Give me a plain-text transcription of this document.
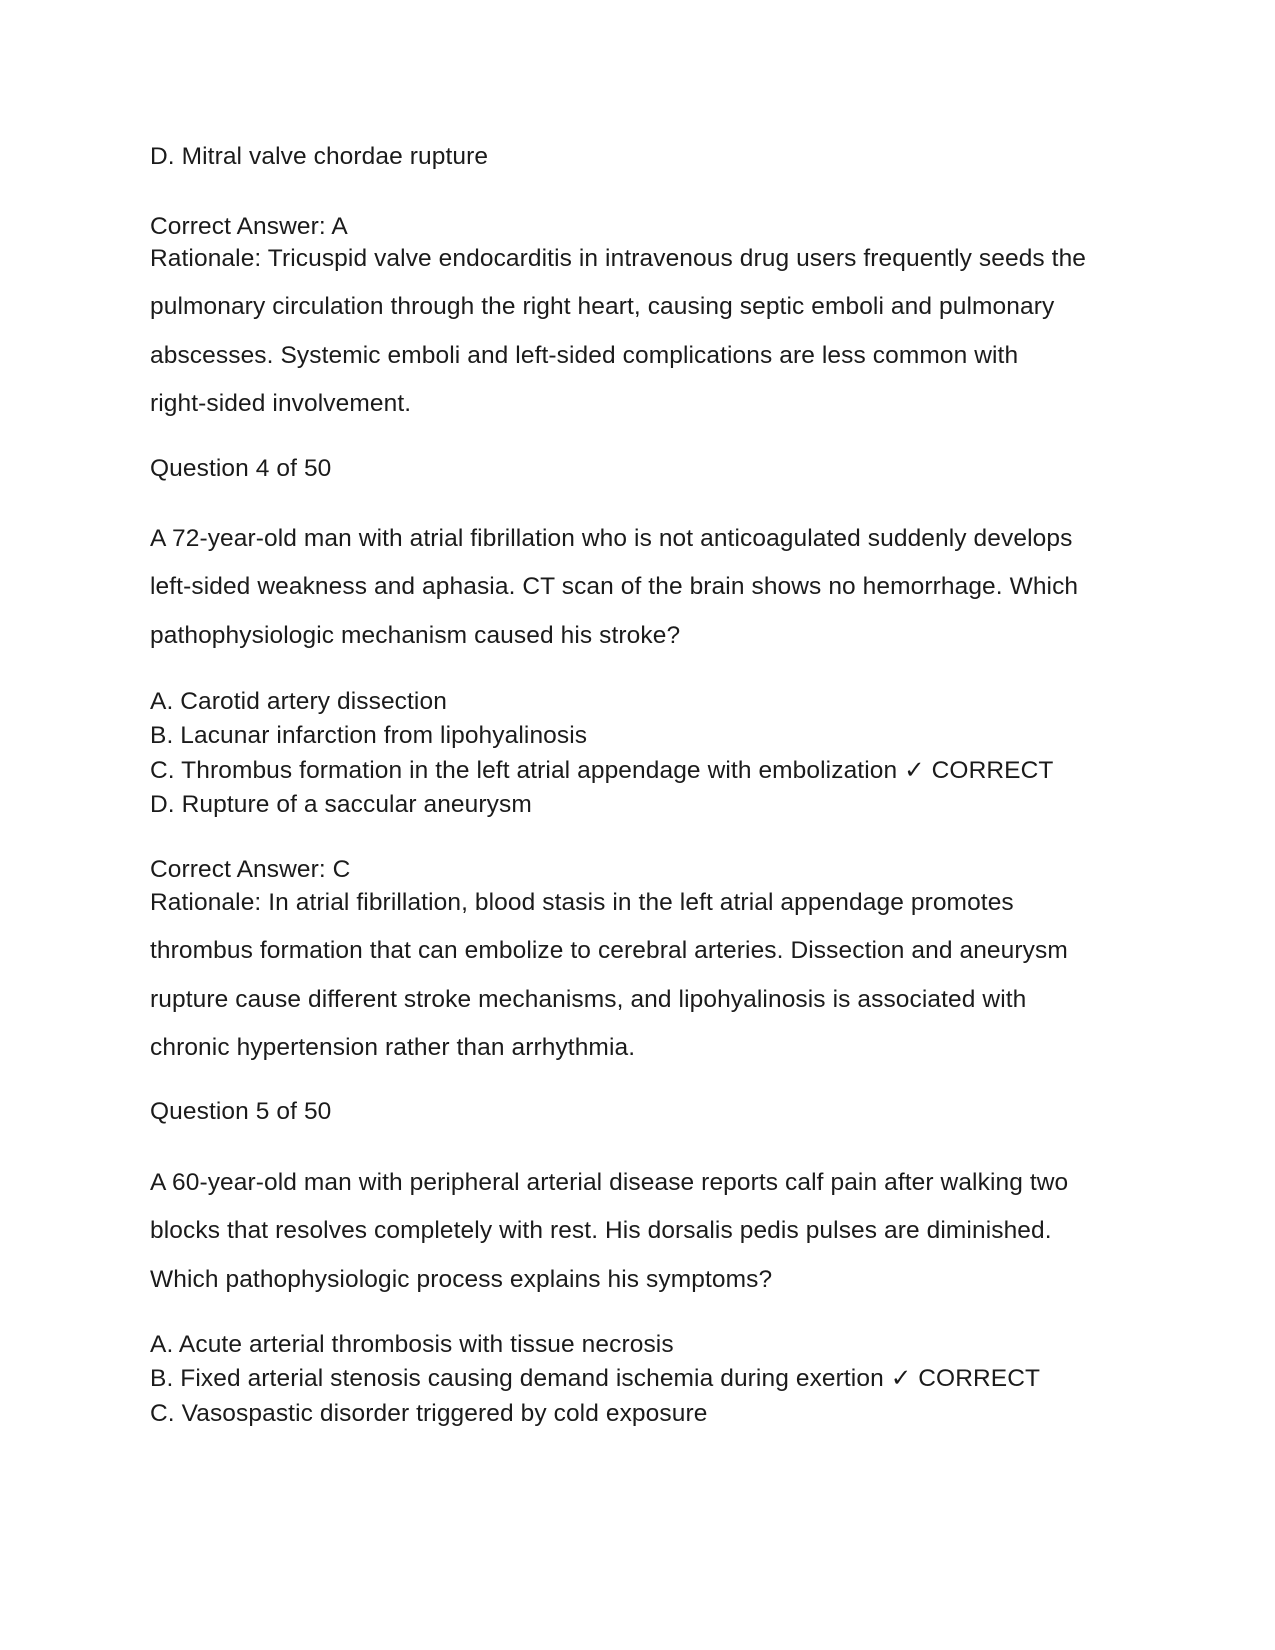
D. Mitral valve chordae rupture
Correct Answer: A
Rationale: Tricuspid valve endocarditis in intravenous drug users frequently seeds the
pulmonary circulation through the right heart, causing septic emboli and pulmonary
abscesses. Systemic emboli and left-sided complications are less common with
right-sided involvement.
Question 4 of 50
A 72-year-old man with atrial fibrillation who is not anticoagulated suddenly develops
left-sided weakness and aphasia. CT scan of the brain shows no hemorrhage. Which
pathophysiologic mechanism caused his stroke?
A. Carotid artery dissection
B. Lacunar infarction from lipohyalinosis
C. Thrombus formation in the left atrial appendage with embolization ✓ CORRECT
D. Rupture of a saccular aneurysm
Correct Answer: C
Rationale: In atrial fibrillation, blood stasis in the left atrial appendage promotes
thrombus formation that can embolize to cerebral arteries. Dissection and aneurysm
rupture cause different stroke mechanisms, and lipohyalinosis is associated with
chronic hypertension rather than arrhythmia.
Question 5 of 50
A 60-year-old man with peripheral arterial disease reports calf pain after walking two
blocks that resolves completely with rest. His dorsalis pedis pulses are diminished.
Which pathophysiologic process explains his symptoms?
A. Acute arterial thrombosis with tissue necrosis
B. Fixed arterial stenosis causing demand ischemia during exertion ✓ CORRECT
C. Vasospastic disorder triggered by cold exposure
